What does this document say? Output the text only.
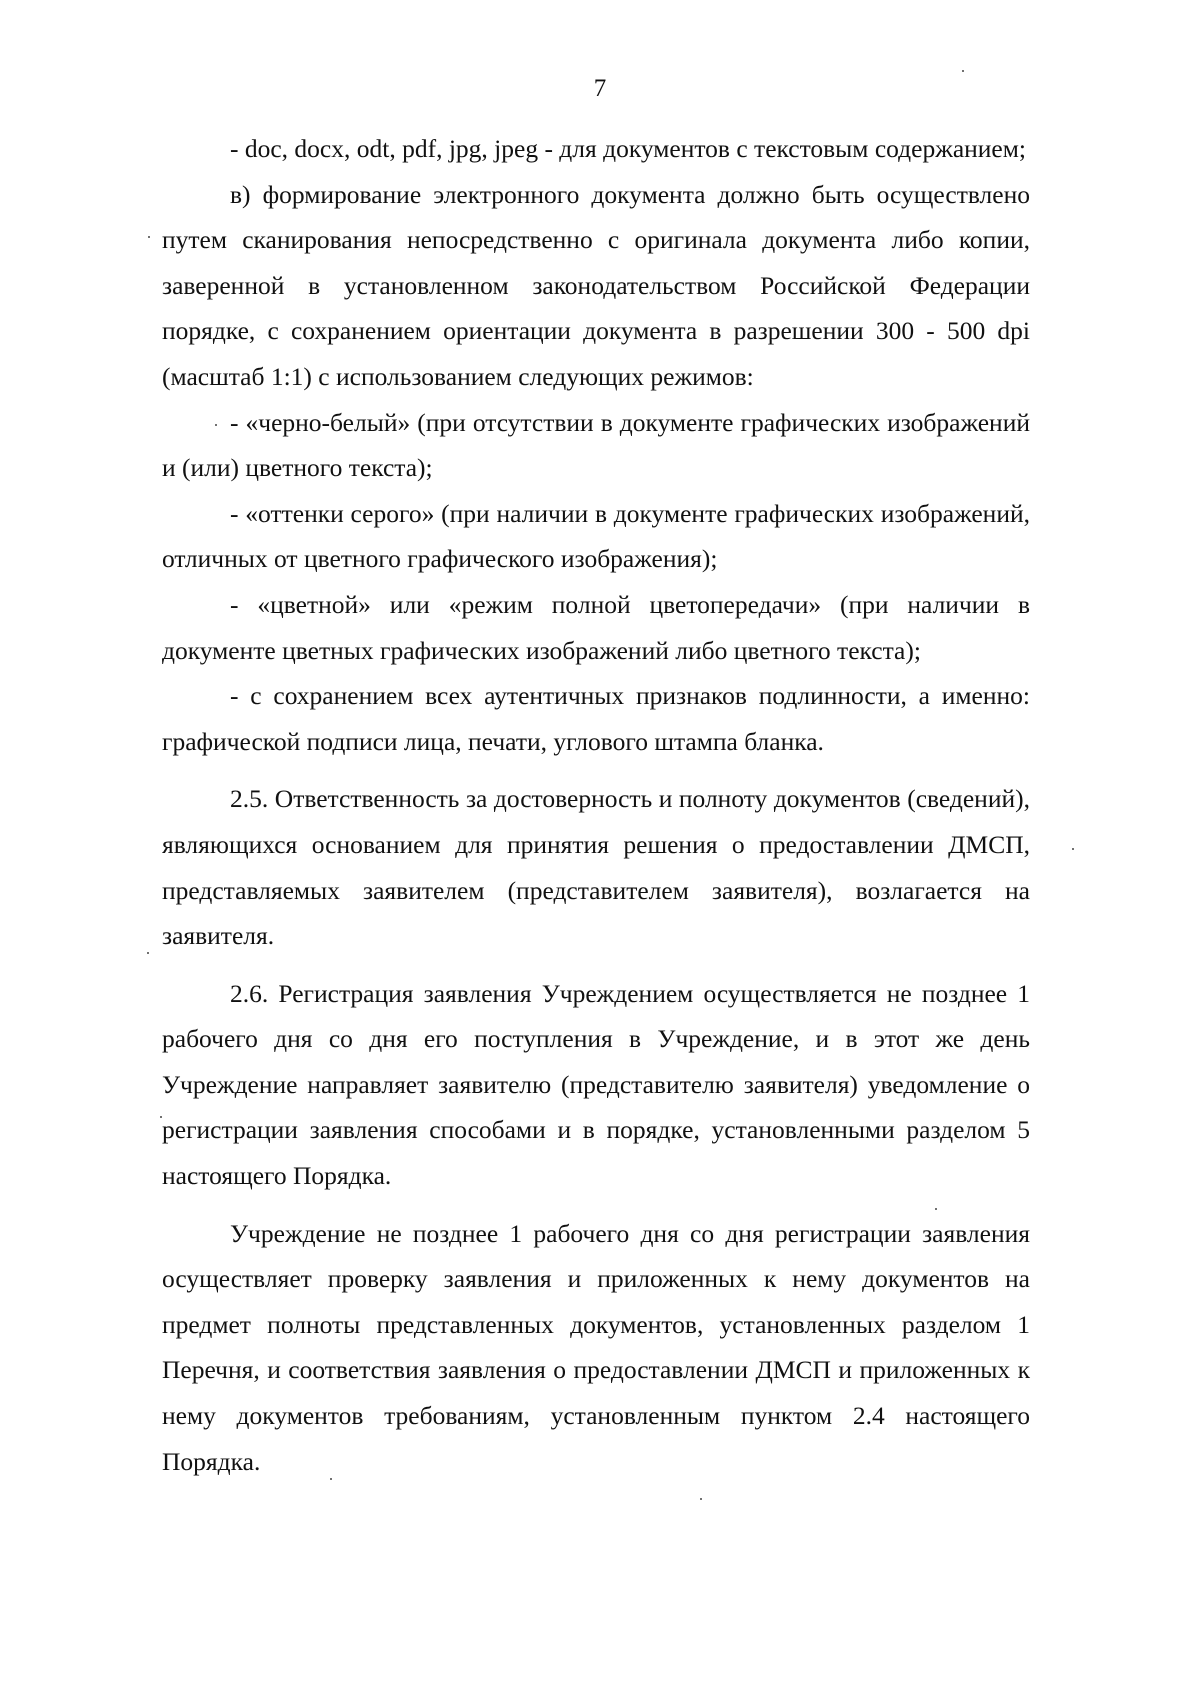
7

- doc, docx, odt, pdf, jpg, jpeg - для документов с текстовым содержанием;

в) формирование электронного документа должно быть осуществлено путем сканирования непосредственно с оригинала документа либо копии, заверенной в установленном законодательством Российской Федерации порядке, с сохранением ориентации документа в разрешении 300 - 500 dpi (масштаб 1:1) с использованием следующих режимов:

- «черно-белый» (при отсутствии в документе графических изображений и (или) цветного текста);

- «оттенки серого» (при наличии в документе графических изображений, отличных от цветного графического изображения);

- «цветной» или «режим полной цветопередачи» (при наличии в документе цветных графических изображений либо цветного текста);

- с сохранением всех аутентичных признаков подлинности, а именно: графической подписи лица, печати, углового штампа бланка.

2.5. Ответственность за достоверность и полноту документов (сведений), являющихся основанием для принятия решения о предоставлении ДМСП, представляемых заявителем (представителем заявителя), возлагается на заявителя.

2.6. Регистрация заявления Учреждением осуществляется не позднее 1 рабочего дня со дня его поступления в Учреждение, и в этот же день Учреждение направляет заявителю (представителю заявителя) уведомление о регистрации заявления способами и в порядке, установленными разделом 5 настоящего Порядка.

Учреждение не позднее 1 рабочего дня со дня регистрации заявления осуществляет проверку заявления и приложенных к нему документов на предмет полноты представленных документов, установленных разделом 1 Перечня, и соответствия заявления о предоставлении ДМСП и приложенных к нему документов требованиям, установленным пунктом 2.4 настоящего Порядка.
